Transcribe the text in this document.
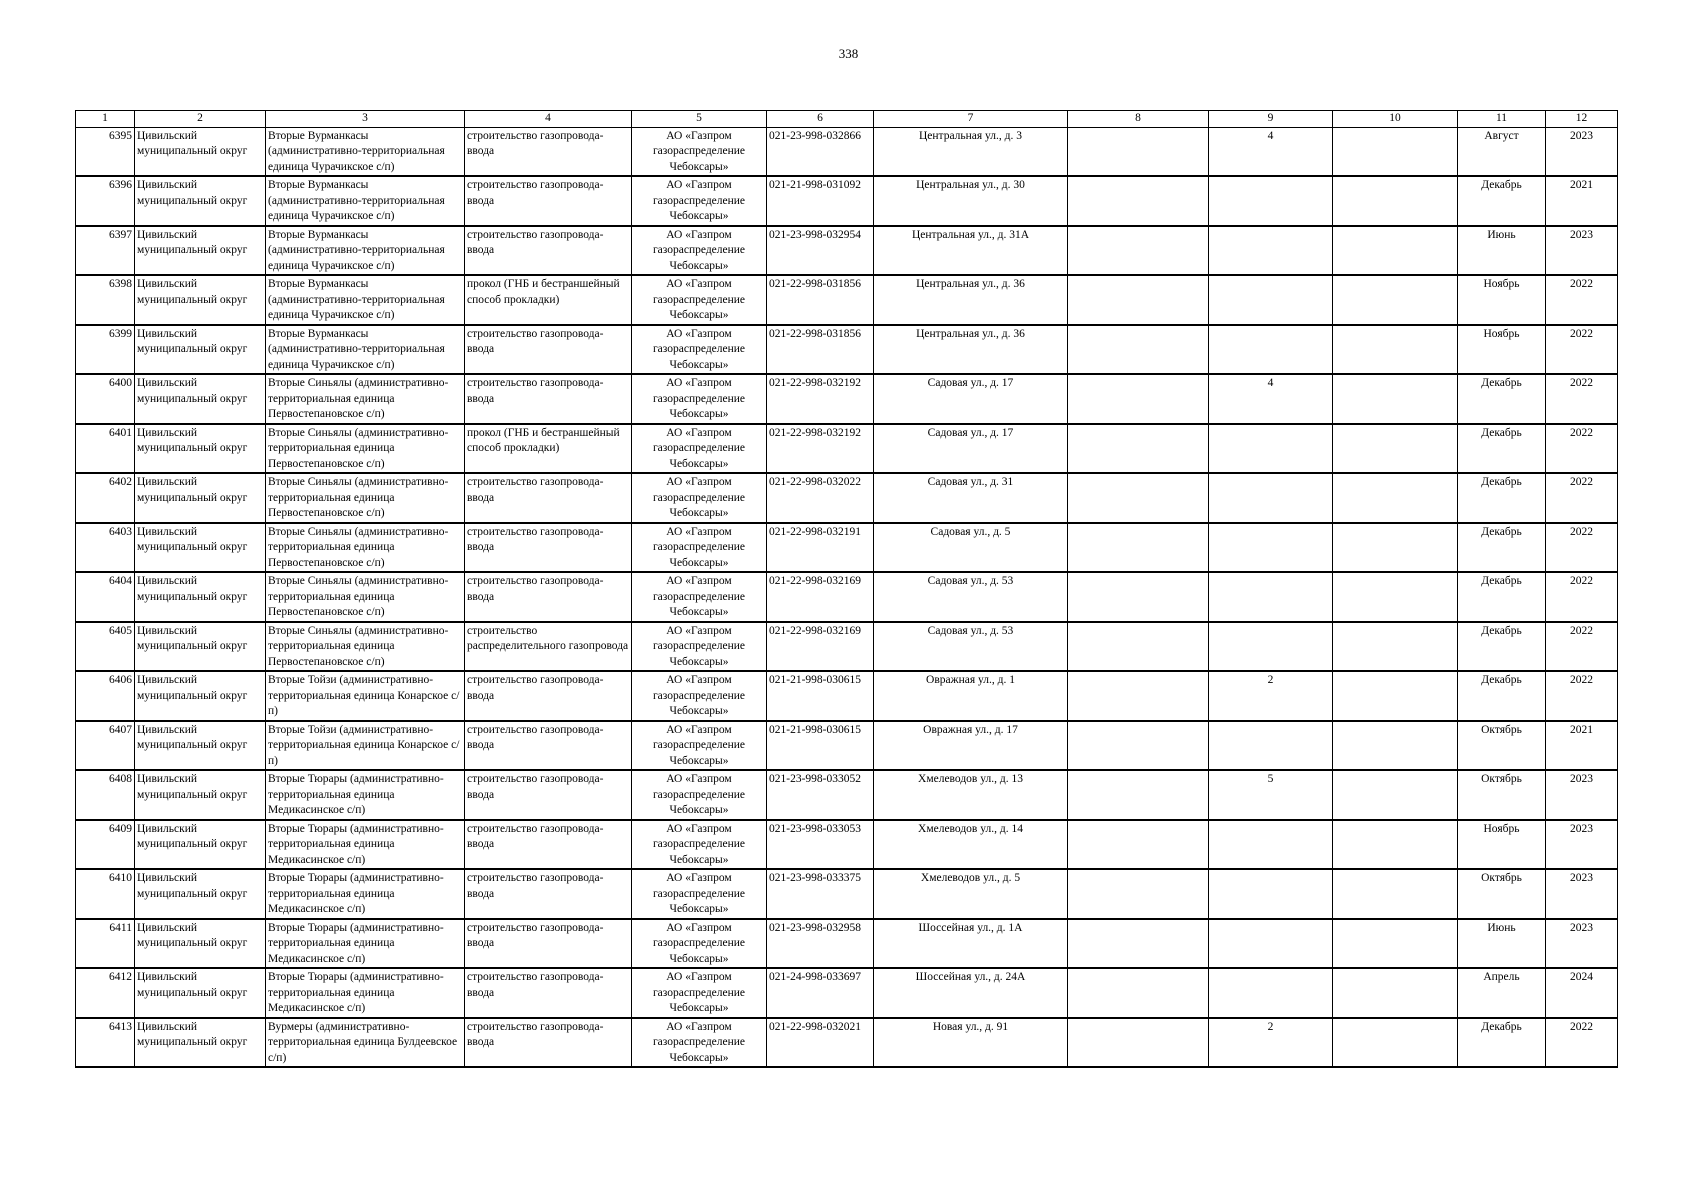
338
1	2	3	4	5	6	7	8	9	10	11	12
6395	Цивильский муниципальный округ	Вторые Вурманкасы (административно-территориальная единица Чурачикское с/п)	строительство газопровода-ввода	АО «Газпром газораспределение Чебоксары»	021-23-998-032866	Центральная ул., д. 3		4		Август	2023
6396	Цивильский муниципальный округ	Вторые Вурманкасы (административно-территориальная единица Чурачикское с/п)	строительство газопровода-ввода	АО «Газпром газораспределение Чебоксары»	021-21-998-031092	Центральная ул., д. 30				Декабрь	2021
6397	Цивильский муниципальный округ	Вторые Вурманкасы (административно-территориальная единица Чурачикское с/п)	строительство газопровода-ввода	АО «Газпром газораспределение Чебоксары»	021-23-998-032954	Центральная ул., д. 31А				Июнь	2023
6398	Цивильский муниципальный округ	Вторые Вурманкасы (административно-территориальная единица Чурачикское с/п)	прокол (ГНБ и бестраншейный способ прокладки)	АО «Газпром газораспределение Чебоксары»	021-22-998-031856	Центральная ул., д. 36				Ноябрь	2022
6399	Цивильский муниципальный округ	Вторые Вурманкасы (административно-территориальная единица Чурачикское с/п)	строительство газопровода-ввода	АО «Газпром газораспределение Чебоксары»	021-22-998-031856	Центральная ул., д. 36				Ноябрь	2022
6400	Цивильский муниципальный округ	Вторые Синьялы (административно-территориальная единица Первостепановское с/п)	строительство газопровода-ввода	АО «Газпром газораспределение Чебоксары»	021-22-998-032192	Садовая ул., д. 17		4		Декабрь	2022
6401	Цивильский муниципальный округ	Вторые Синьялы (административно-территориальная единица Первостепановское с/п)	прокол (ГНБ и бестраншейный способ прокладки)	АО «Газпром газораспределение Чебоксары»	021-22-998-032192	Садовая ул., д. 17				Декабрь	2022
6402	Цивильский муниципальный округ	Вторые Синьялы (административно-территориальная единица Первостепановское с/п)	строительство газопровода-ввода	АО «Газпром газораспределение Чебоксары»	021-22-998-032022	Садовая ул., д. 31				Декабрь	2022
6403	Цивильский муниципальный округ	Вторые Синьялы (административно-территориальная единица Первостепановское с/п)	строительство газопровода-ввода	АО «Газпром газораспределение Чебоксары»	021-22-998-032191	Садовая ул., д. 5				Декабрь	2022
6404	Цивильский муниципальный округ	Вторые Синьялы (административно-территориальная единица Первостепановское с/п)	строительство газопровода-ввода	АО «Газпром газораспределение Чебоксары»	021-22-998-032169	Садовая ул., д. 53				Декабрь	2022
6405	Цивильский муниципальный округ	Вторые Синьялы (административно-территориальная единица Первостепановское с/п)	строительство распределительного газопровода	АО «Газпром газораспределение Чебоксары»	021-22-998-032169	Садовая ул., д. 53				Декабрь	2022
6406	Цивильский муниципальный округ	Вторые Тойзи (административно-территориальная единица Конарское с/п)	строительство газопровода-ввода	АО «Газпром газораспределение Чебоксары»	021-21-998-030615	Овражная ул., д. 1		2		Декабрь	2022
6407	Цивильский муниципальный округ	Вторые Тойзи (административно-территориальная единица Конарское с/п)	строительство газопровода-ввода	АО «Газпром газораспределение Чебоксары»	021-21-998-030615	Овражная ул., д. 17				Октябрь	2021
6408	Цивильский муниципальный округ	Вторые Тюрары (административно-территориальная единица Медикасинское с/п)	строительство газопровода-ввода	АО «Газпром газораспределение Чебоксары»	021-23-998-033052	Хмелеводов ул., д. 13		5		Октябрь	2023
6409	Цивильский муниципальный округ	Вторые Тюрары (административно-территориальная единица Медикасинское с/п)	строительство газопровода-ввода	АО «Газпром газораспределение Чебоксары»	021-23-998-033053	Хмелеводов ул., д. 14				Ноябрь	2023
6410	Цивильский муниципальный округ	Вторые Тюрары (административно-территориальная единица Медикасинское с/п)	строительство газопровода-ввода	АО «Газпром газораспределение Чебоксары»	021-23-998-033375	Хмелеводов ул., д. 5				Октябрь	2023
6411	Цивильский муниципальный округ	Вторые Тюрары (административно-территориальная единица Медикасинское с/п)	строительство газопровода-ввода	АО «Газпром газораспределение Чебоксары»	021-23-998-032958	Шоссейная ул., д. 1А				Июнь	2023
6412	Цивильский муниципальный округ	Вторые Тюрары (административно-территориальная единица Медикасинское с/п)	строительство газопровода-ввода	АО «Газпром газораспределение Чебоксары»	021-24-998-033697	Шоссейная ул., д. 24А				Апрель	2024
6413	Цивильский муниципальный округ	Вурмеры (административно-территориальная единица Булдеевское с/п)	строительство газопровода-ввода	АО «Газпром газораспределение Чебоксары»	021-22-998-032021	Новая ул., д. 91		2		Декабрь	2022
